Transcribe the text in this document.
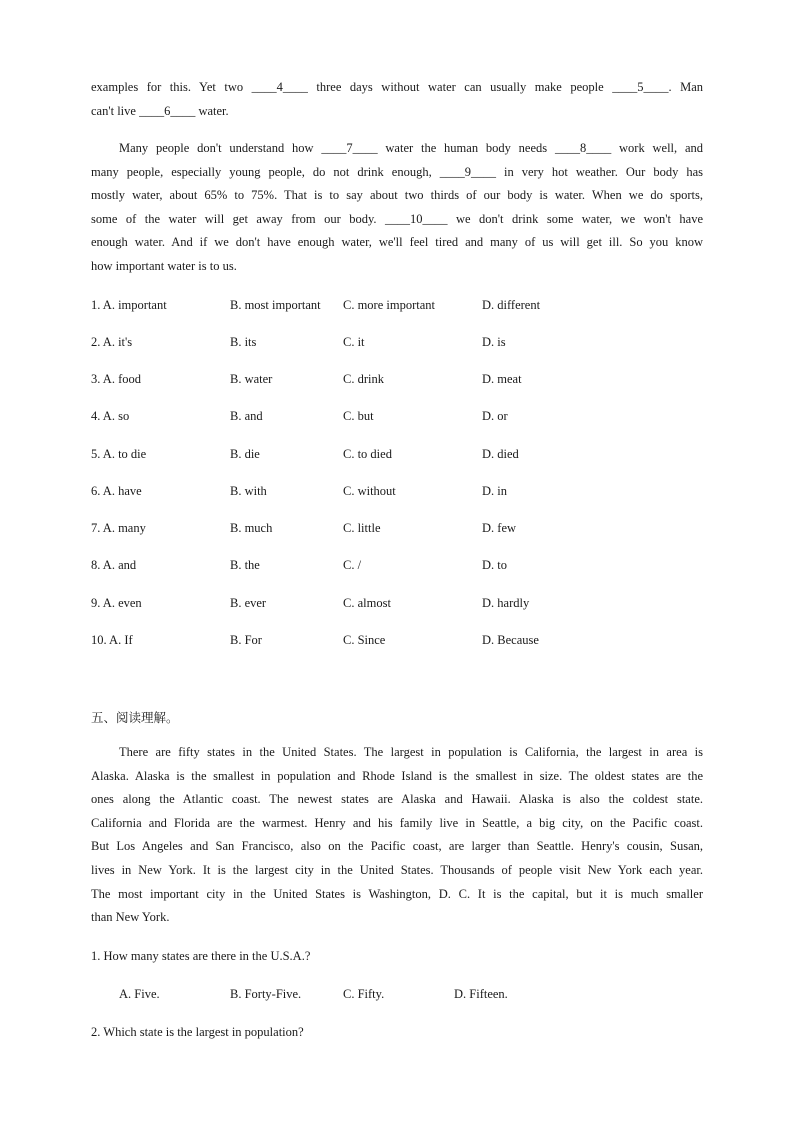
examples for this. Yet two ____4____ three days without water can usually make people ____5____. Man
can't live ____6____ water.
Many people don't understand how ____7____ water the human body needs ____8____ work well, and
many people, especially young people, do not drink enough, ____9____ in very hot weather. Our body has
mostly water, about 65% to 75%. That is to say about two thirds of our body is water. When we do sports,
some of the water will get away from our body. ____10____ we don't drink some water, we won't have
enough water. And if we don't have enough water, we'll feel tired and many of us will get ill. So you know
how important water is to us.
1. A. important	B. most important C. more important	D. different
2. A. it's	B. its	C. it	D. is
3. A. food	B. water	C. drink	D. meat
4. A. so	B. and	C. but	D. or
5. A. to die	B. die	C. to died	D. died
6. A. have	B. with	C. without	D. in
7. A. many	B. much	C. little	D. few
8. A. and	B. the	C. /	D. to
9. A. even	B. ever	C. almost	D. hardly
10. A. If	B. For	C. Since	D. Because
五、阅读理解。
There are fifty states in the United States. The largest in population is California, the largest in area is
Alaska. Alaska is the smallest in population and Rhode Island is the smallest in size. The oldest states are the
ones along the Atlantic coast. The newest states are Alaska and Hawaii. Alaska is also the coldest state.
California and Florida are the warmest. Henry and his family live in Seattle, a big city, on the Pacific coast.
But Los Angeles and San Francisco, also on the Pacific coast, are larger than Seattle. Henry's cousin, Susan,
lives in New York. It is the largest city in the United States. Thousands of people visit New York each year.
The most important city in the United States is Washington, D. C. It is the capital, but it is much smaller
than New York.
1. How many states are there in the U.S.A.?
A. Five.	B. Forty-Five.	C. Fifty.	D. Fifteen.
2. Which state is the largest in population?
